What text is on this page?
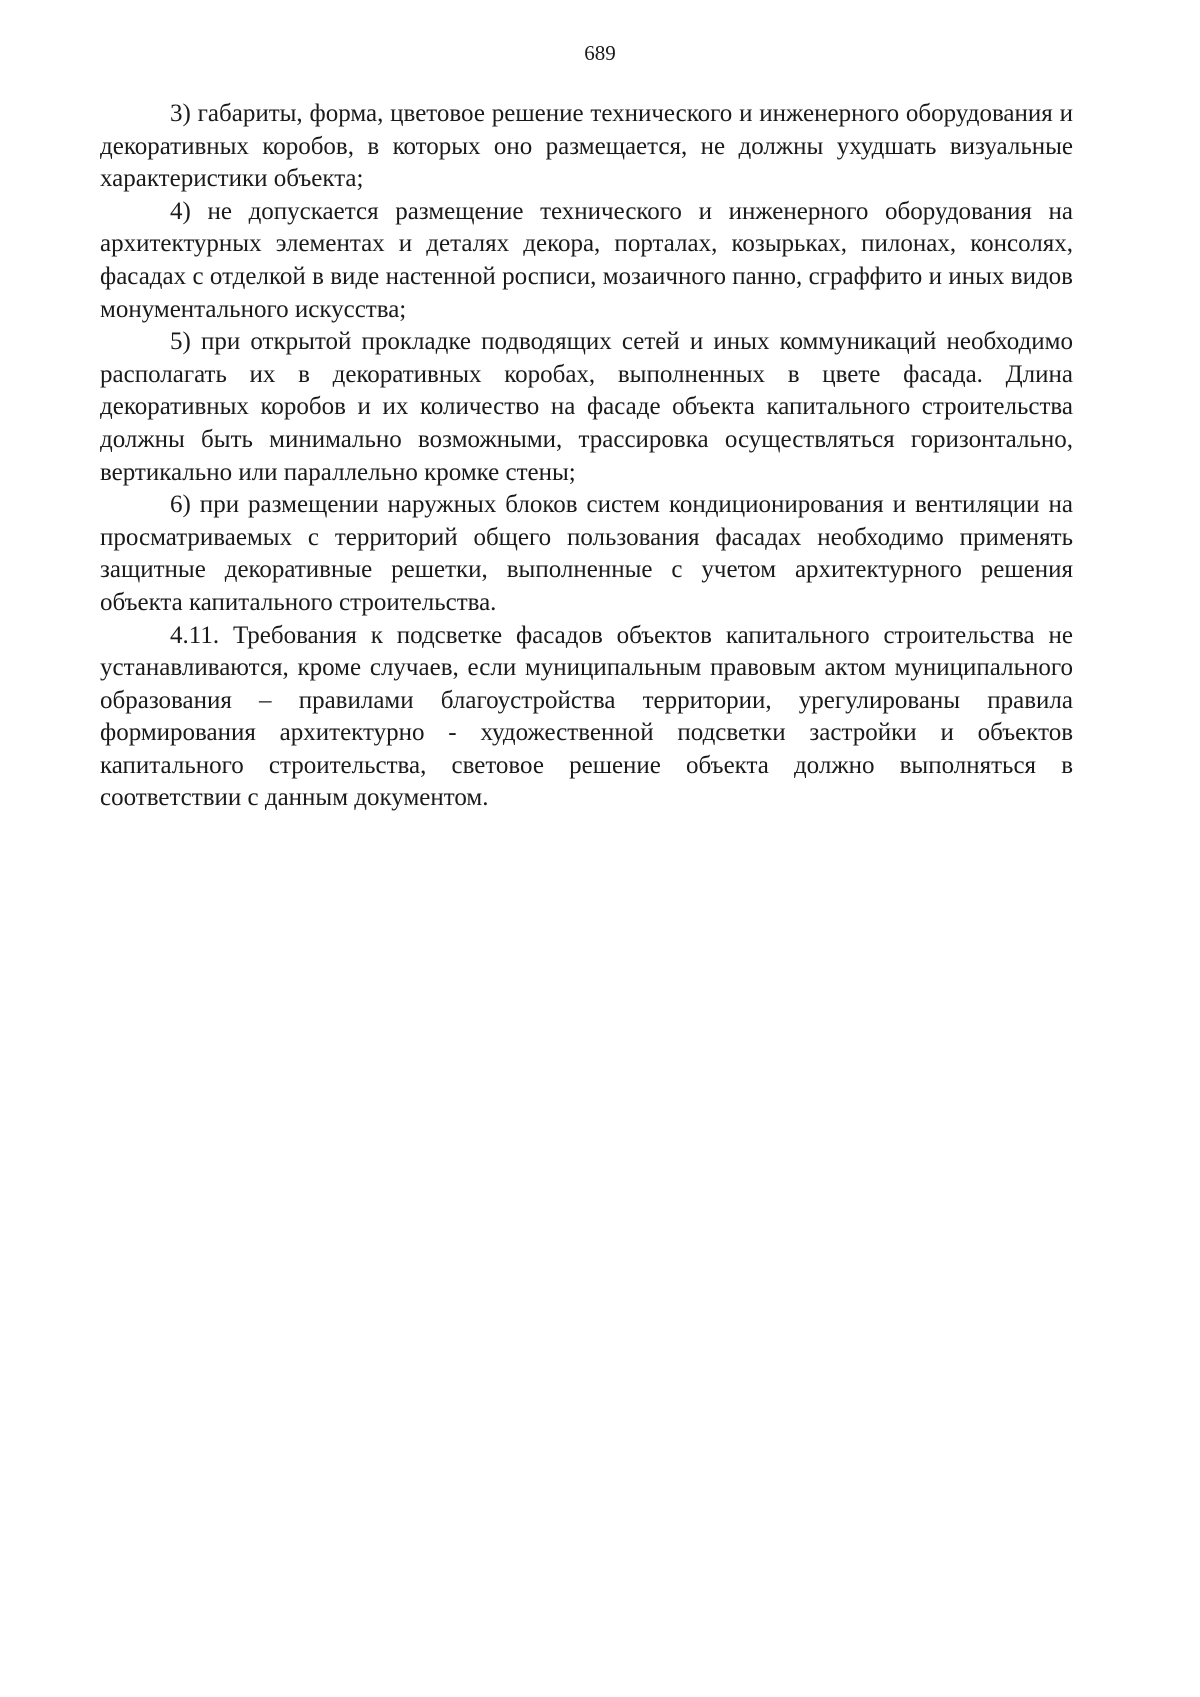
689

3) габариты, форма, цветовое решение технического и инженерного оборудования и декоративных коробов, в которых оно размещается, не должны ухудшать визуальные характеристики объекта;

4) не допускается размещение технического и инженерного оборудования на архитектурных элементах и деталях декора, порталах, козырьках, пилонах, консолях, фасадах с отделкой в виде настенной росписи, мозаичного панно, сграффито и иных видов монументального искусства;

5) при открытой прокладке подводящих сетей и иных коммуникаций необходимо располагать их в декоративных коробах, выполненных в цвете фасада. Длина декоративных коробов и их количество на фасаде объекта капитального строительства должны быть минимально возможными, трассировка осуществляться горизонтально, вертикально или параллельно кромке стены;

6) при размещении наружных блоков систем кондиционирования и вентиляции на просматриваемых с территорий общего пользования фасадах необходимо применять защитные декоративные решетки, выполненные с учетом архитектурного решения объекта капитального строительства.

4.11. Требования к подсветке фасадов объектов капитального строительства не устанавливаются, кроме случаев, если муниципальным правовым актом муниципального образования – правилами благоустройства территории, урегулированы правила формирования архитектурно - художественной подсветки застройки и объектов капитального строительства, световое решение объекта должно выполняться в соответствии с данным документом.
